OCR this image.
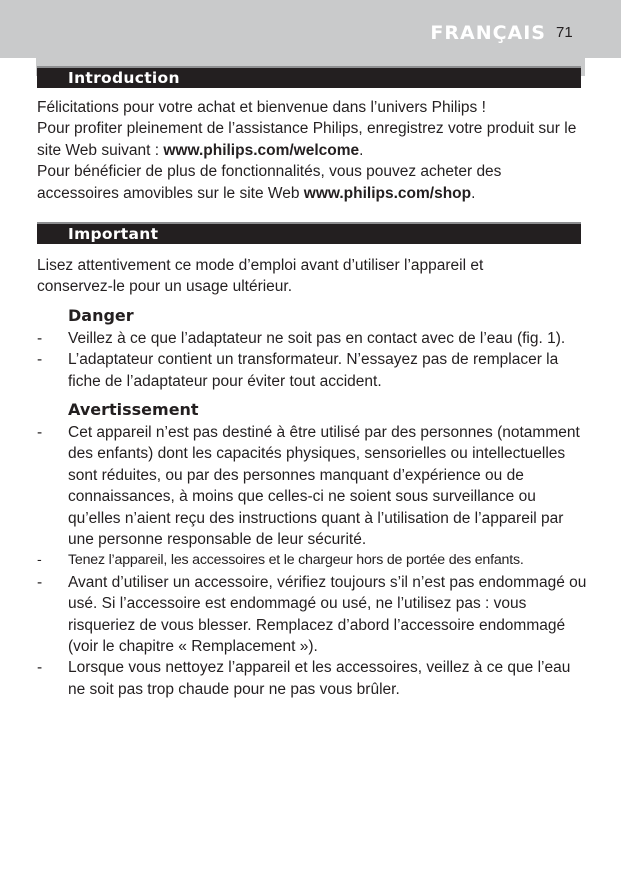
FRANÇAIS 71
Introduction

Félicitations pour votre achat et bienvenue dans l’univers Philips !

Pour profiter pleinement de l’assistance Philips, enregistrez votre produit sur le site Web suivant : www.philips.com/welcome.

Pour bénéficier de plus de fonctionnalités, vous pouvez acheter des accessoires amovibles sur le site Web www.philips.com/shop.

Important
Lisez attentivement ce mode d’emploi avant d’utiliser l’appareil et conservez-le pour un usage ultérieur.
Danger
- Veillez à ce que l’adaptateur ne soit pas en contact avec de l’eau (fig. 1).
- L’adaptateur contient un transformateur. N’essayez pas de remplacer la fiche de l’adaptateur pour éviter tout accident.
Avertissement
- Cet appareil n’est pas destiné à être utilisé par des personnes (notamment des enfants) dont les capacités physiques, sensorielles ou intellectuelles sont réduites, ou par des personnes manquant d’expérience ou de connaissances, à moins que celles-ci ne soient sous surveillance ou qu’elles n’aient reçu des instructions quant à l’utilisation de l’appareil par une personne responsable de leur sécurité.
- Tenez l’appareil, les accessoires et le chargeur hors de portée des enfants.
- Avant d’utiliser un accessoire, vérifiez toujours s’il n’est pas endommagé ou usé. Si l’accessoire est endommagé ou usé, ne l’utilisez pas : vous risqueriez de vous blesser. Remplacez d’abord l’accessoire endommagé (voir le chapitre « Remplacement »).
- Lorsque vous nettoyez l’appareil et les accessoires, veillez à ce que l’eau ne soit pas trop chaude pour ne pas vous brûler.
